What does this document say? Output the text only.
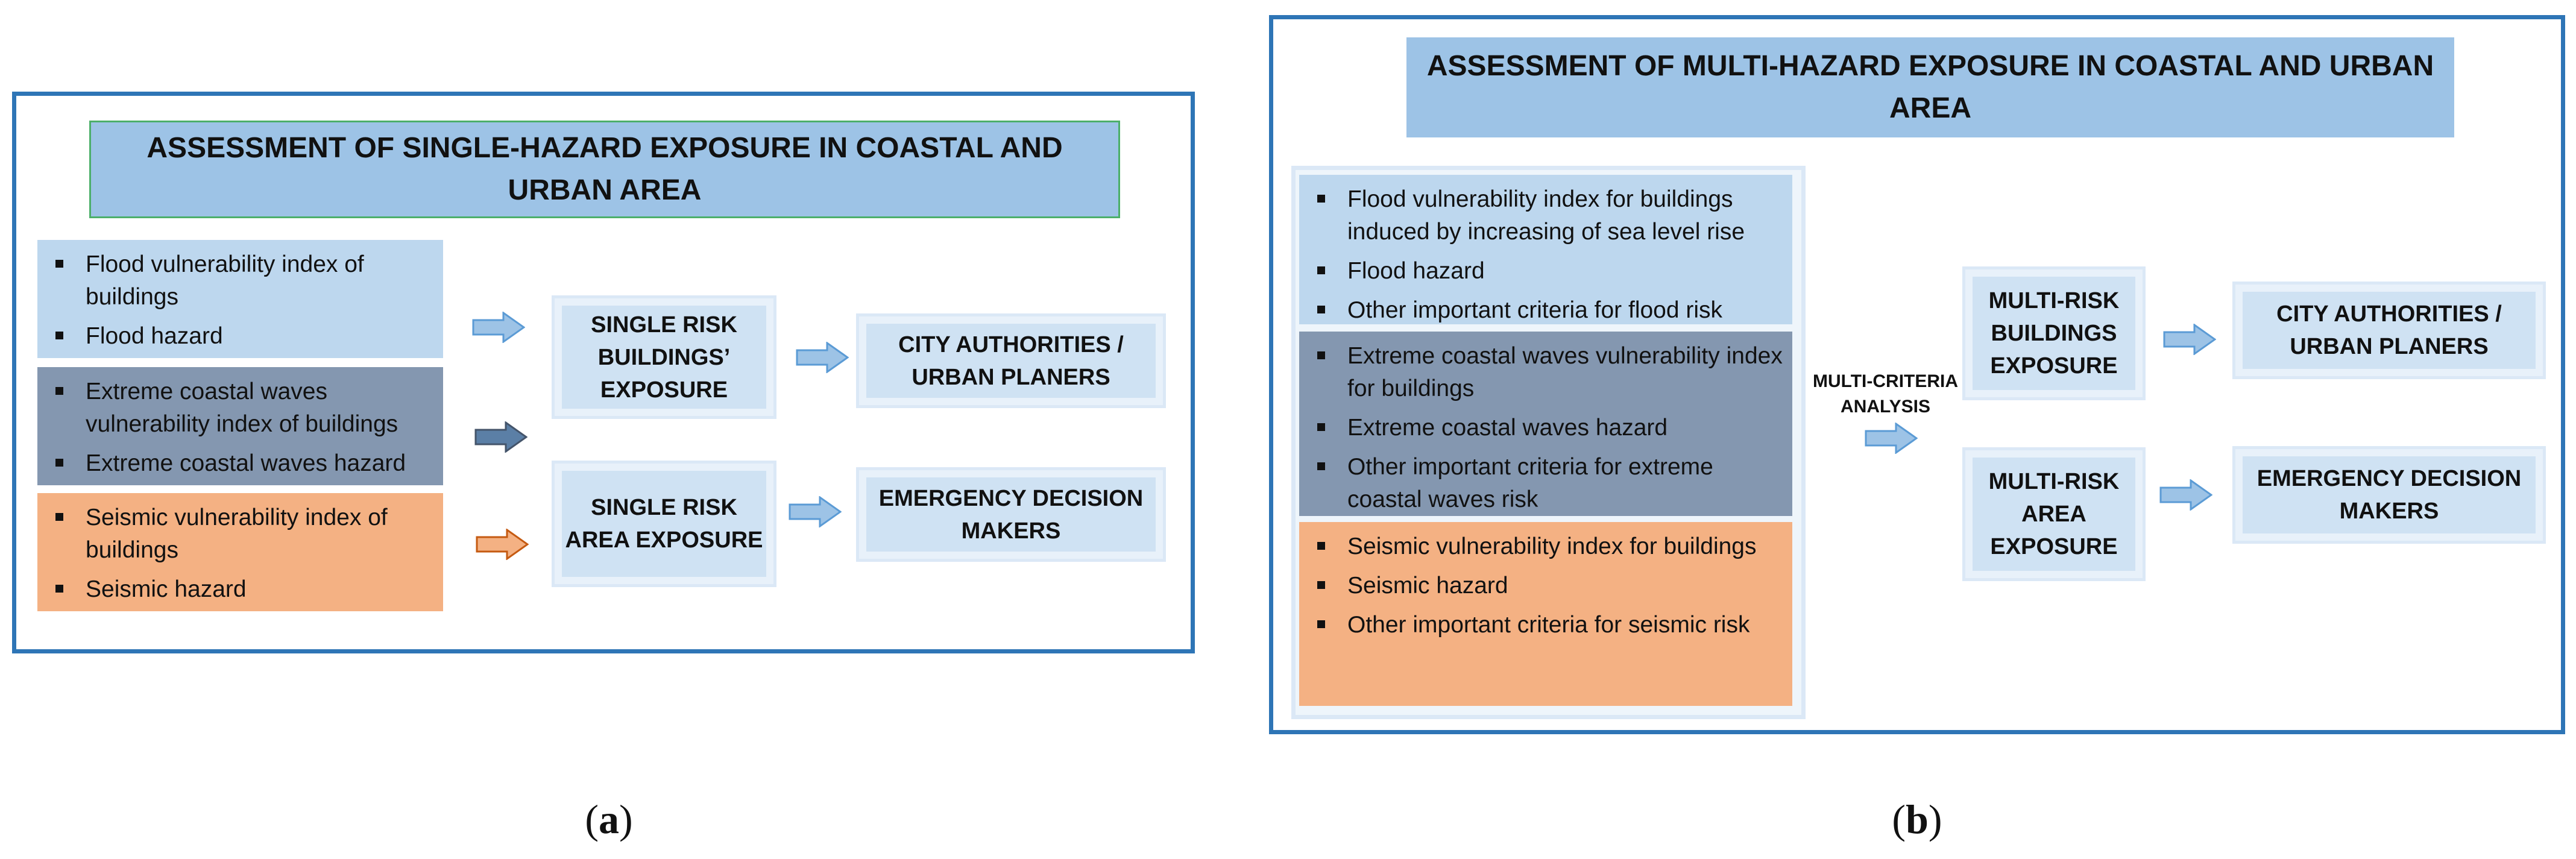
ASSESSMENT OF SINGLE-HAZARD EXPOSURE IN COASTAL AND URBAN AREA
Flood vulnerability index of buildings
Flood hazard
Extreme coastal waves vulnerability index of buildings
Extreme coastal waves hazard
Seismic vulnerability index of buildings
Seismic hazard
SINGLE RISK BUILDINGS’ EXPOSURE
SINGLE RISK AREA EXPOSURE
CITY AUTHORITIES / URBAN PLANERS
EMERGENCY DECISION MAKERS
(a)
ASSESSMENT OF MULTI-HAZARD EXPOSURE IN COASTAL AND URBAN AREA
Flood vulnerability index for buildings induced by increasing of sea level rise
Flood hazard
Other important criteria for flood risk
Extreme coastal waves vulnerability index for buildings
Extreme coastal waves hazard
Other important criteria for extreme coastal waves risk
Seismic vulnerability index for buildings
Seismic hazard
Other important criteria for seismic risk
MULTI-CRITERIA ANALYSIS
MULTI-RISK BUILDINGS EXPOSURE
MULTI-RISK AREA EXPOSURE
CITY AUTHORITIES / URBAN PLANERS
EMERGENCY DECISION MAKERS
(b)
